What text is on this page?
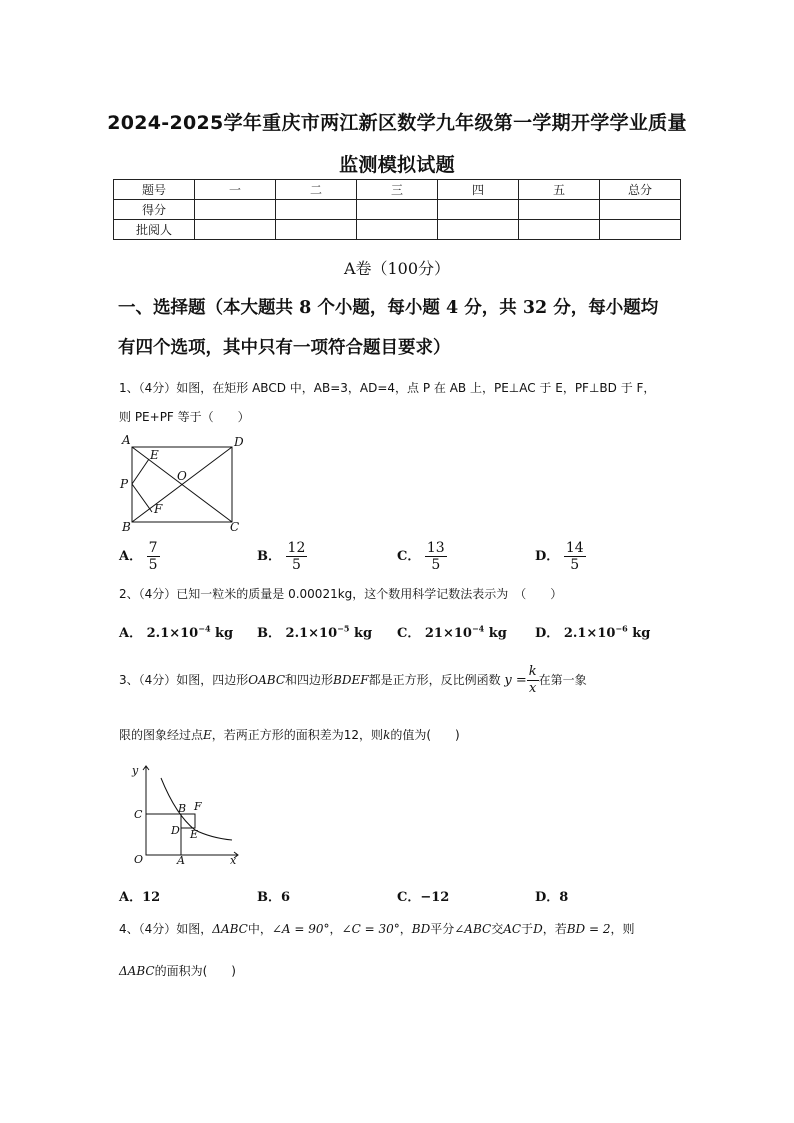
2024-2025学年重庆市两江新区数学九年级第一学期开学学业质量
监测模拟试题
题号	一	二	三	四	五	总分
得分						
批阅人						
A卷（100分）
一、选择题（本大题共 8 个小题，每小题 4 分，共 32 分，每小题均
有四个选项，其中只有一项符合题目要求）
1、（4分）如图，在矩形 ABCD 中，AB=3，AD=4，点 P 在 AB 上，PE⊥AC 于 E，PF⊥BD 于 F，
则 PE+PF 等于（　　）
A	D
B	C
E
F
O
P
A． $\frac{7}{5}$	B． $\frac{12}{5}$	C． $\frac{13}{5}$	D． $\frac{14}{5}$
2、（4分）已知一粒米的质量是 0.00021kg，这个数用科学记数法表示为　（　　）
A． $2.1\times 10^{-4}$ kg B． $2.1\times 10^{-5}$ kg C． $21\times 10^{-4}$ kg D． $2.1\times 10^{-6}$ kg
3、（4分）如图，四边形OABC和四边形BDEF都是正方形，反比例函数 $y = \frac{k}{x}$ 在第一象
限的图象经过点E，若两正方形的面积差为12，则k的值为(　　)
y
x
O	A
C	B F
D E
A．12	B．6	C．−12	D．8
4、（4分）如图，ΔABC中，∠A = 90°，∠C = 30°，BD平分∠ABC交AC于D，若BD = 2，则
ΔABC的面积为(　　)
